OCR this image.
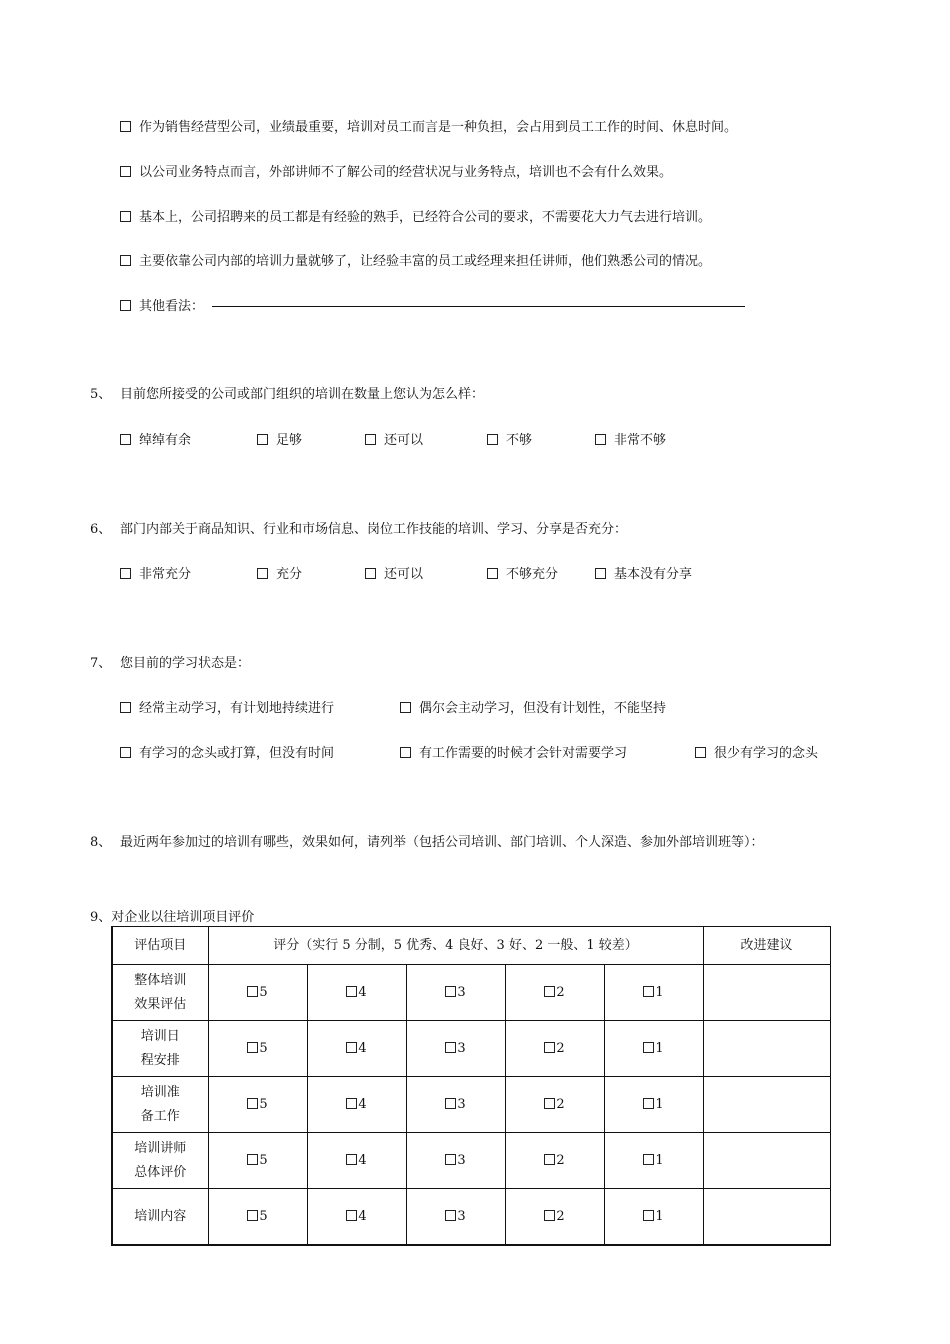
作为销售经营型公司，业绩最重要，培训对员工而言是一种负担，会占用到员工工作的时间、休息时间。
以公司业务特点而言，外部讲师不了解公司的经营状况与业务特点，培训也不会有什么效果。
基本上，公司招聘来的员工都是有经验的熟手，已经符合公司的要求，不需要花大力气去进行培训。
主要依靠公司内部的培训力量就够了，让经验丰富的员工或经理来担任讲师，他们熟悉公司的情况。
其他看法：
5、 目前您所接受的公司或部门组织的培训在数量上您认为怎么样：
绰绰有余	足够	还可以	不够	非常不够
6、 部门内部关于商品知识、行业和市场信息、岗位工作技能的培训、学习、分享是否充分：
非常充分	充分	还可以	不够充分	基本没有分享
7、 您目前的学习状态是：
经常主动学习，有计划地持续进行	偶尔会主动学习，但没有计划性，不能坚持
有学习的念头或打算，但没有时间	有工作需要的时候才会针对需要学习	很少有学习的念头
8、 最近两年参加过的培训有哪些，效果如何，请列举（包括公司培训、部门培训、个人深造、参加外部培训班等）：
9、对企业以往培训项目评价
评估项目	评分（实行 5 分制，5 优秀、4 良好、3 好、2 一般、1 较差）					改进建议
整体培训
效果评估	5	4	3	2	1	
培训日
程安排	5	4	3	2	1	
培训准
备工作	5	4	3	2	1	
培训讲师
总体评价	5	4	3	2	1	
培训内容	5	4	3	2	1	
